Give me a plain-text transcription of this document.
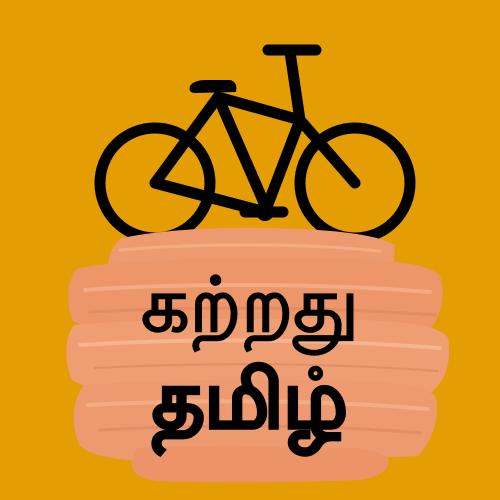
கற்றது
தமிழ்
